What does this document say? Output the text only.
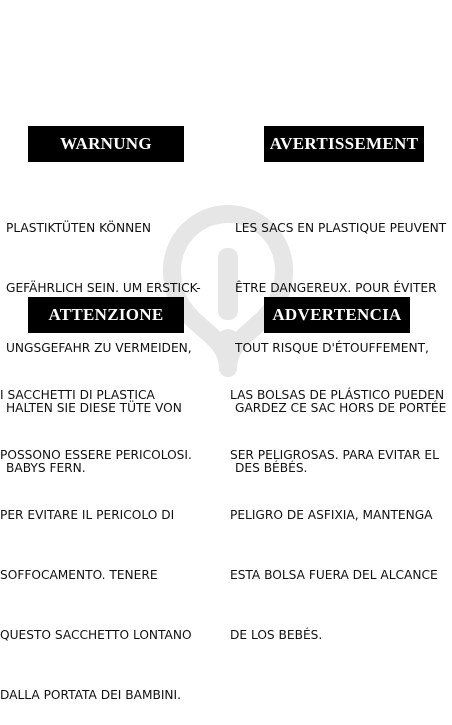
WARNUNG	AVERTISSEMENT
ATTENZIONE	ADVERTENCIA

PLASTIKTÜTEN KÖNNEN

GEFÄHRLICH SEIN. UM ERSTICK-

UNGSGEFAHR ZU VERMEIDEN,

HALTEN SIE DIESE TÜTE VON

BABYS FERN.

LES SACS EN PLASTIQUE PEUVENT

ÊTRE DANGEREUX. POUR ÉVITER

TOUT RISQUE D'ÉTOUFFEMENT,

GARDEZ CE SAC HORS DE PORTÉE

DES BÉBÉS.

I SACCHETTI DI PLASTICA

POSSONO ESSERE PERICOLOSI.

PER EVITARE IL PERICOLO DI

SOFFOCAMENTO. TENERE

QUESTO SACCHETTO LONTANO

DALLA PORTATA DEI BAMBINI.

LAS BOLSAS DE PLÁSTICO PUEDEN

SER PELIGROSAS. PARA EVITAR EL

PELIGRO DE ASFIXIA, MANTENGA

ESTA BOLSA FUERA DEL ALCANCE

DE LOS BEBÉS.
